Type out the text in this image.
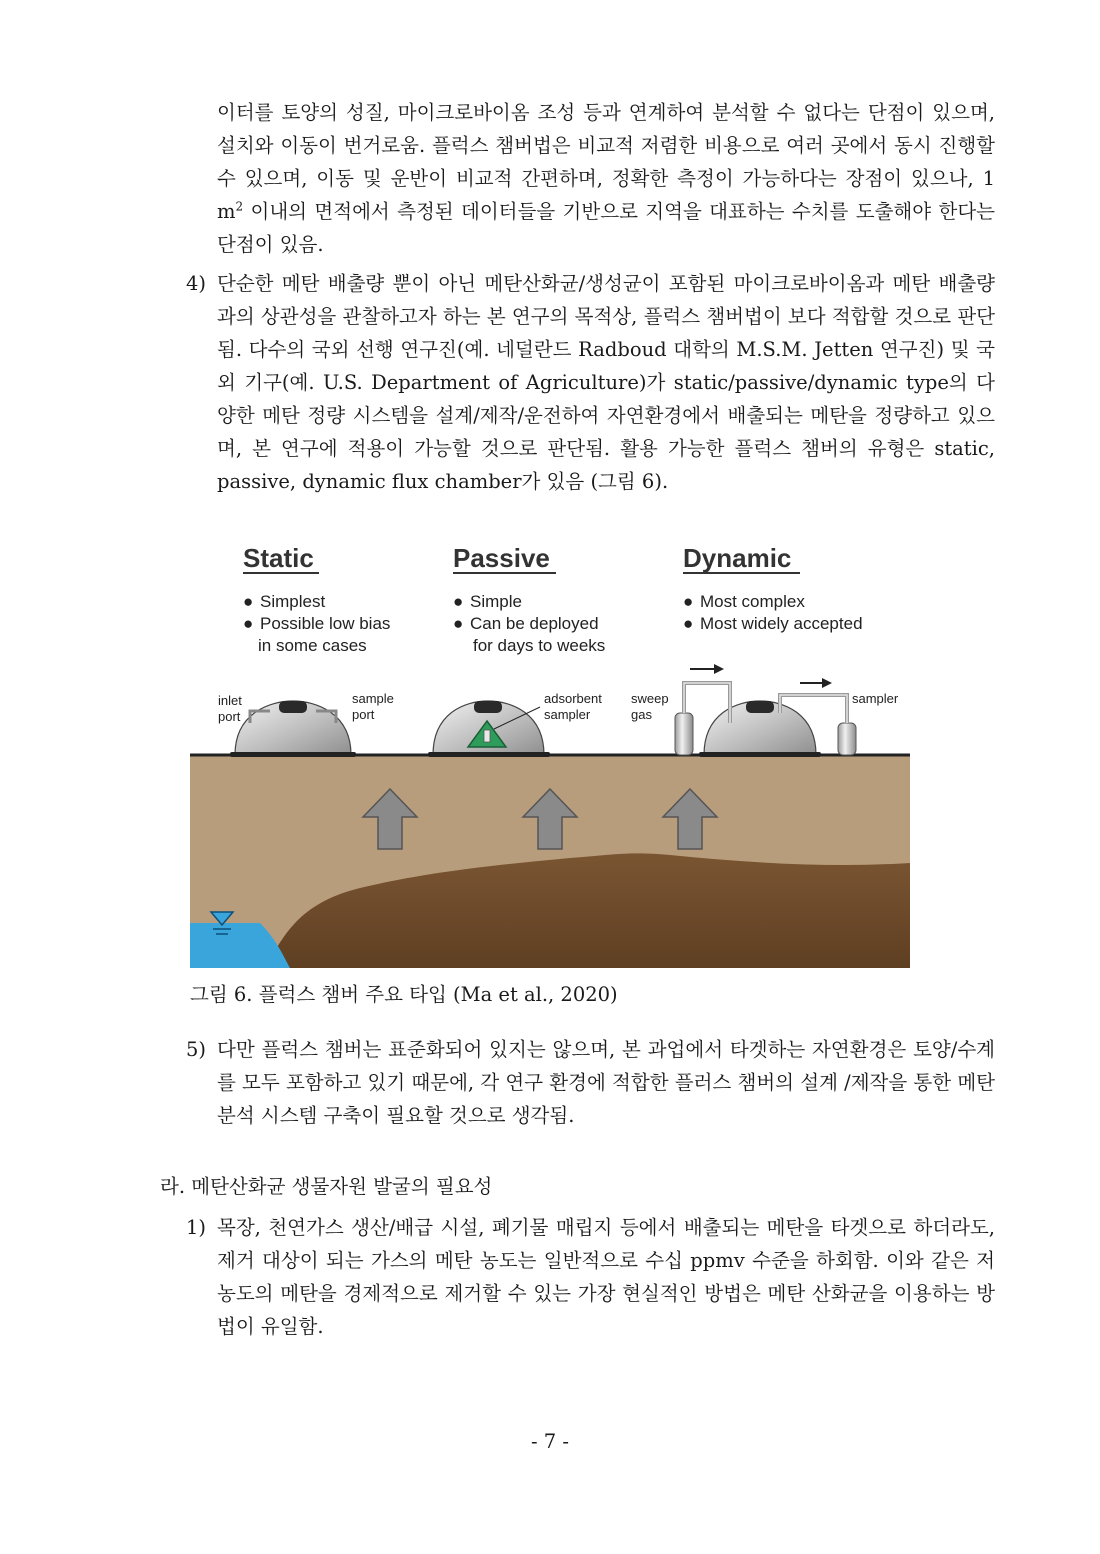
이터를 토양의 성질, 마이크로바이옴 조성 등과 연계하여 분석할 수 없다는 단점이 있으며, 설치와 이동이 번거로움. 플럭스 챔버법은 비교적 저렴한 비용으로 여러 곳에서 동시 진행할 수 있으며, 이동 및 운반이 비교적 간편하며, 정확한 측정이 가능하다는 장점이 있으나, 1 $m^2$ 이내의 면적에서 측정된 데이터들을 기반으로 지역을 대표하는 수치를 도출해야 한다는 단점이 있음.

4) 단순한 메탄 배출량 뿐이 아닌 메탄산화균/생성균이 포함된 마이크로바이옴과 메탄 배출량과의 상관성을 관찰하고자 하는 본 연구의 목적상, 플럭스 챔버법이 보다 적합할 것으로 판단됨. 다수의 국외 선행 연구진(예. 네덜란드 Radboud 대학의 M.S.M. Jetten 연구진) 및 국외 기구(예. U.S. Department of Agriculture)가 static/passive/dynamic type의 다양한 메탄 정량 시스템을 설계/제작/운전하여 자연환경에서 배출되는 메탄을 정량하고 있으며, 본 연구에 적용이 가능할 것으로 판단됨. 활용 가능한 플럭스 챔버의 유형은 static, passive, dynamic flux chamber가 있음 (그림 6).

Static
● Simplest
● Possible low bias
in some cases
Passive
● Simple
● Can be deployed
for days to weeks
Dynamic
● Most complex
● Most widely accepted
inlet
port
sample
port
adsorbent
sampler
sweep
gas
sampler
그림 6. 플럭스 챔버 주요 타입 (Ma et al., 2020)
5) 다만 플럭스 챔버는 표준화되어 있지는 않으며, 본 과업에서 타겟하는 자연환경은 토양/수계를 모두 포함하고 있기 때문에, 각 연구 환경에 적합한 플러스 챔버의 설계 /제작을 통한 메탄 분석 시스템 구축이 필요할 것으로 생각됨.

라. 메탄산화균 생물자원 발굴의 필요성
1) 목장, 천연가스 생산/배급 시설, 폐기물 매립지 등에서 배출되는 메탄을 타겟으로 하더라도, 제거 대상이 되는 가스의 메탄 농도는 일반적으로 수십 ppmv 수준을 하회함. 이와 같은 저농도의 메탄을 경제적으로 제거할 수 있는 가장 현실적인 방법은 메탄 산화균을 이용하는 방법이 유일함.

- 7 -
